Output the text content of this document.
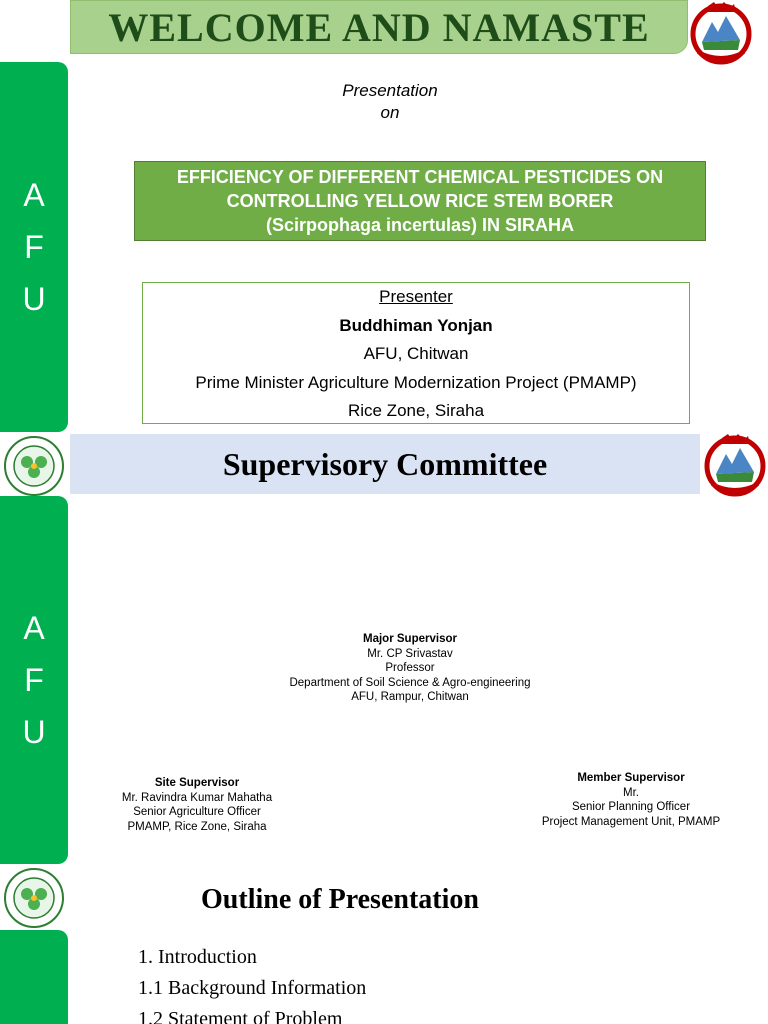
A
F
U
WELCOME AND NAMASTE
Presentation
on
EFFICIENCY OF DIFFERENT CHEMICAL PESTICIDES ON
CONTROLLING YELLOW RICE STEM BORER
(Scirpophaga incertulas) IN SIRAHA
Presenter
Buddhiman Yonjan
AFU, Chitwan
Prime Minister Agriculture Modernization Project (PMAMP)
Rice Zone, Siraha
Supervisory Committee
A
F
U
Major Supervisor
Mr. CP Srivastav
Professor
Department of Soil Science & Agro-engineering
AFU, Rampur, Chitwan
Site Supervisor
Mr. Ravindra Kumar Mahatha
Senior Agriculture Officer
PMAMP, Rice Zone, Siraha
Member Supervisor
Mr.
Senior Planning Officer
Project Management Unit, PMAMP
Outline of Presentation
1. Introduction
1.1 Background Information
1.2 Statement of Problem
